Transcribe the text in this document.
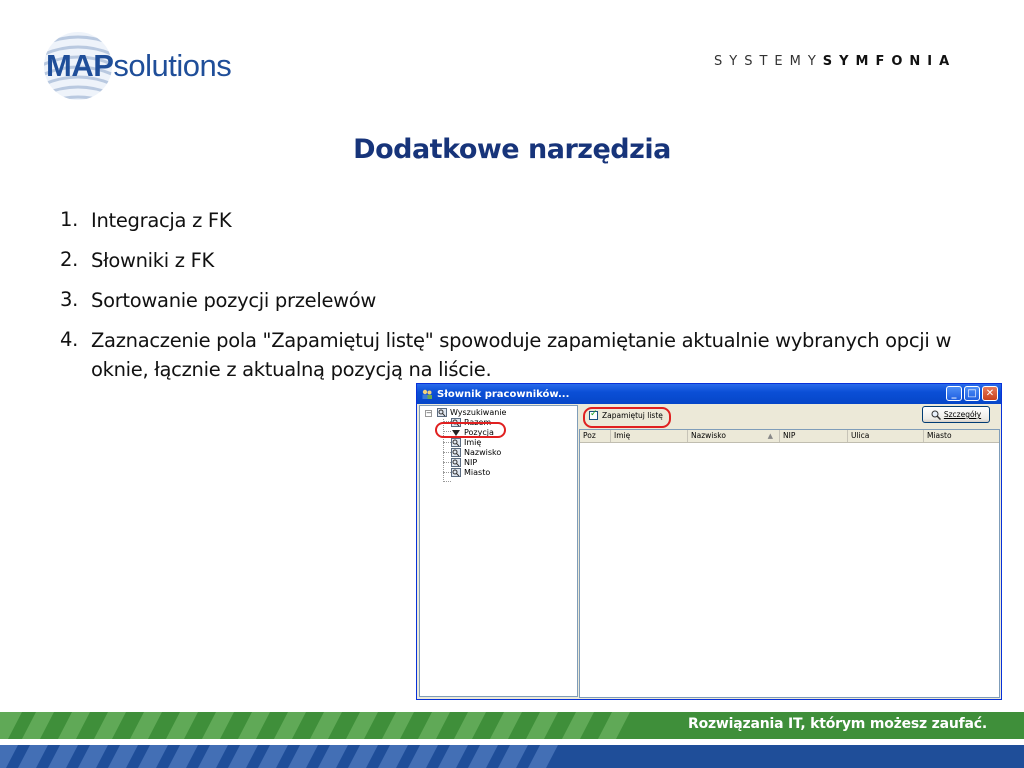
MAPsolutions	SYSTEMYSYMFONIA
Dodatkowe narzędzia
1. Integracja z FK
2. Słowniki z FK
3. Sortowanie pozycji przelewów
4. Zaznaczenie pola "Zapamiętuj listę" spowoduje zapamiętanie aktualnie wybranych opcji w oknie, łącznie z aktualną pozycją na liście.
Słownik pracowników...	_ □ ✕
− Wyszukiwanie
Razem
Pozycja
Imię
Nazwisko
NIP
Miasto
✓ Zapamiętuj listę	Szczegóły
Poz	Imię	Nazwisko	▲	NIP	Ulica	Miasto
Rozwiązania IT, którym możesz zaufać.
